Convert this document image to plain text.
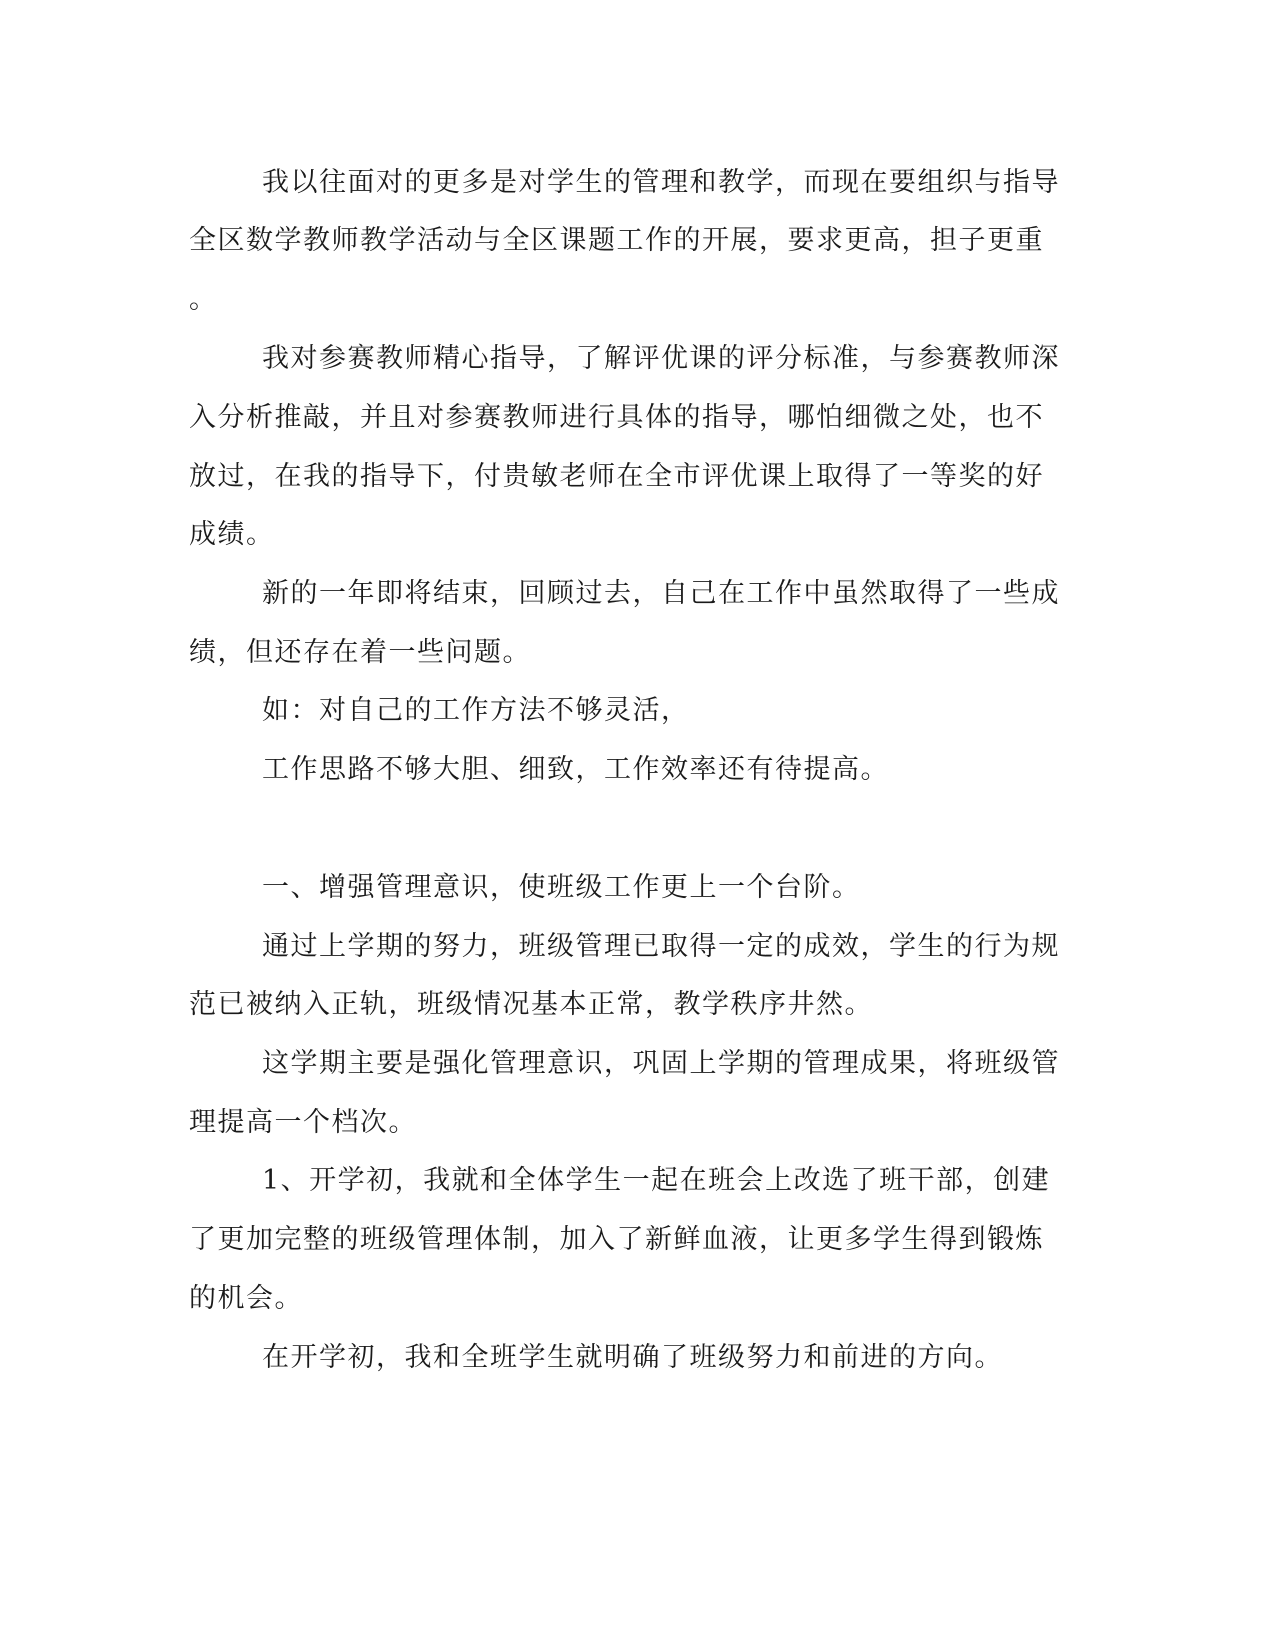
我以往面对的更多是对学生的管理和教学，而现在要组织与指导
全区数学教师教学活动与全区课题工作的开展，要求更高，担子更重
。
我对参赛教师精心指导，了解评优课的评分标准，与参赛教师深
入分析推敲，并且对参赛教师进行具体的指导，哪怕细微之处，也不
放过，在我的指导下，付贵敏老师在全市评优课上取得了一等奖的好
成绩。
新的一年即将结束，回顾过去，自己在工作中虽然取得了一些成
绩，但还存在着一些问题。
如：对自己的工作方法不够灵活，
工作思路不够大胆、细致，工作效率还有待提高。
一、增强管理意识，使班级工作更上一个台阶。
通过上学期的努力，班级管理已取得一定的成效，学生的行为规
范已被纳入正轨，班级情况基本正常，教学秩序井然。
这学期主要是强化管理意识，巩固上学期的管理成果，将班级管
理提高一个档次。
1、开学初，我就和全体学生一起在班会上改选了班干部，创建
了更加完整的班级管理体制，加入了新鲜血液，让更多学生得到锻炼
的机会。
在开学初，我和全班学生就明确了班级努力和前进的方向。
